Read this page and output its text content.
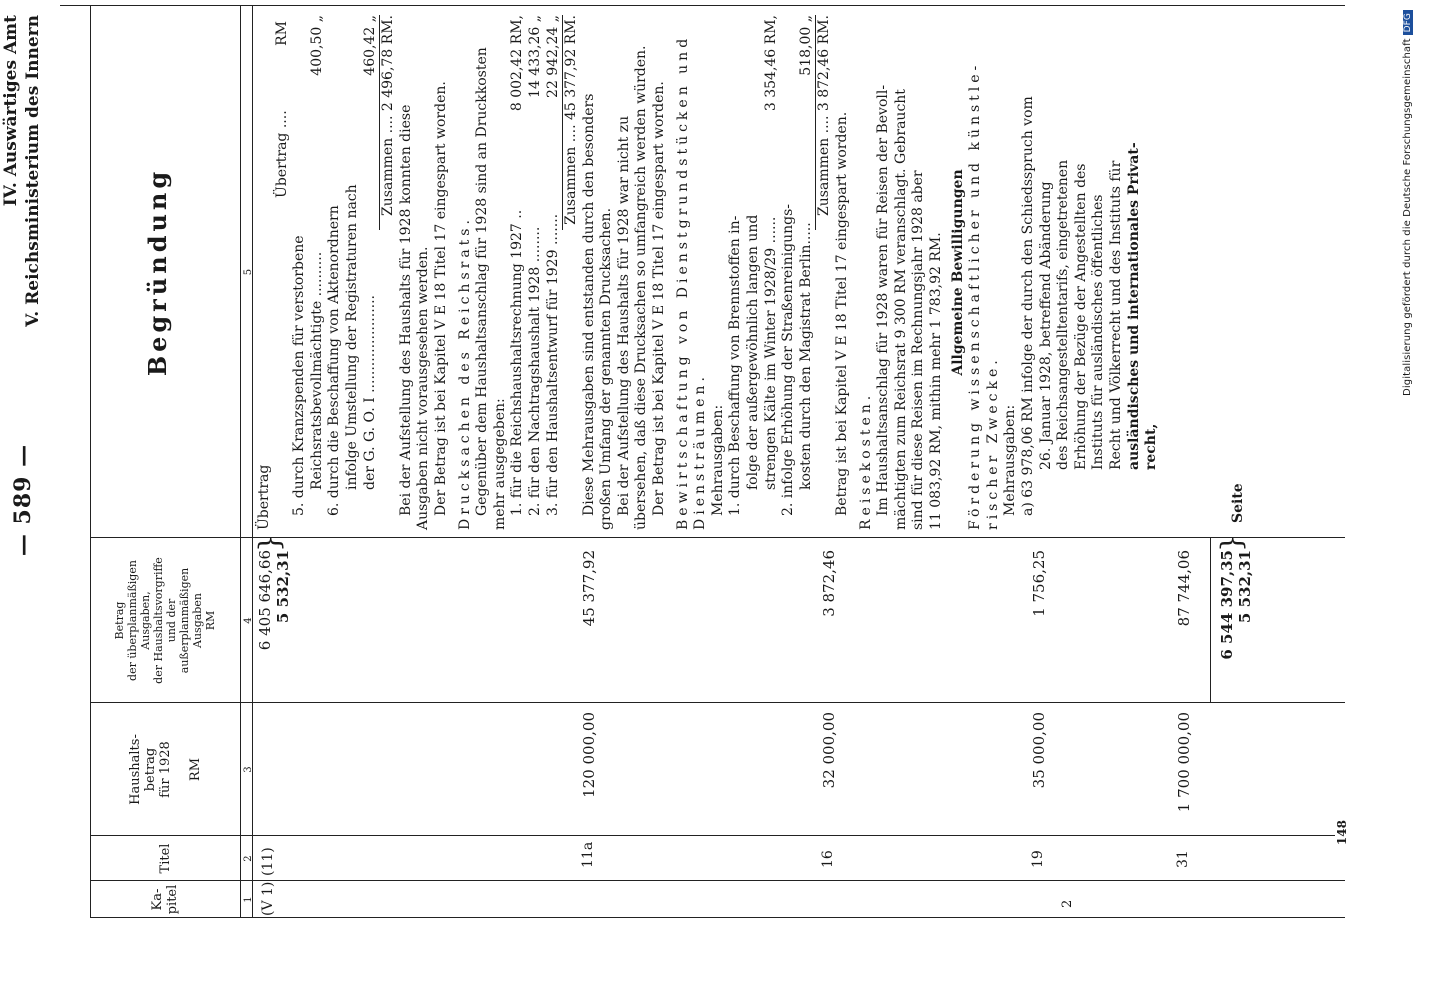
— 589 —
IV. Auswärtiges Amt V. Reichsministerium des Innern	Digitalisierung gefördert durch die Deutsche ForschungsgemeinschaftDFG
148
2
Ka-
pitel
Titel
Haushalts-
betrag
für 1928

RM
Betrag
der überplanmäßigen
Ausgaben,
der Haushaltsvorgriffe
und der
außerplanmäßigen
Ausgaben
RM
Begründung
1
2
3
4
5
(V 1)
(11)
6 405 646,66 5 532,31
}
11a
120 000,00
45 377,92
16
32 000,00
3 872,46
19
35 000,00
1 756,25
31
1 700 000,00
87 744,06 6 544 397,35 5 532,31
}
Seite
Übertrag
Übertrag .... RM
5. durch Kranzspenden für verstorbene Reichsratsbevollmächtigte ..........
400,50 „
6. durch die Beschaffung von Aktenordnern infolge Umstellung der Registraturen nach der G. G. O. I ......................
460,42 „ Zusammen .... 2 496,78 RM. Bei der Aufstellung des Haushalts für 1928 konnten diese Ausgaben nicht vorausgesehen werden. Der Betrag ist bei Kapitel V E 18 Titel 17 eingespart worden. Drucksachen des Reichsrats. Gegenüber dem Haushaltsanschlag für 1928 sind an Druckkosten mehr ausgegeben: 1. für die Reichshaushaltsrechnung 1927 ..
8 002,42 RM,
2. für den Nachtragshaushalt 1928 ........
14 433,26 „
3. für den Haushaltsentwurf für 1929 .......
22 942,24 „ Zusammen .... 45 377,92 RM. Diese Mehrausgaben sind entstanden durch den besonders großen Umfang der genannten Drucksachen. Bei der Aufstellung des Haushalts für 1928 war nicht zu übersehen, daß diese Drucksachen so umfangreich werden würden. Der Betrag ist bei Kapitel V E 18 Titel 17 eingespart worden. Bewirtschaftung von Dienstgrundstücken und Diensträumen. Mehrausgaben: 1. durch Beschaffung von Brennstoffen in- folge der außergewöhnlich langen und strengen Kälte im Winter 1928/29 ......
3 354,46 RM,
2. infolge Erhöhung der Straßenreinigungs- kosten durch den Magistrat Berlin.....
518,00 „ Zusammen .... 3 872,46 RM. Betrag ist bei Kapitel V E 18 Titel 17 eingespart worden. Reisekosten. Im Haushaltsanschlag für 1928 waren für Reisen der Bevoll- mächtigten zum Reichsrat 9 300 RM veranschlagt. Gebraucht sind für diese Reisen im Rechnungsjahr 1928 aber 11 083,92 RM, mithin mehr 1 783,92 RM. Allgemeine Bewilligungen Förderung wissenschaftlicher und künstle- rischer Zwecke. Mehrausgaben: a) 63 978,06 RM infolge der durch den Schiedsspruch vom 26. Januar 1928, betreffend Abänderung des Reichsangestelltentarifs, eingetretenen Erhöhung der Bezüge der Angestellten des Instituts für ausländisches öffentliches Recht und Völkerrecht und des Instituts für ausländisches und internationales Privat- recht,
